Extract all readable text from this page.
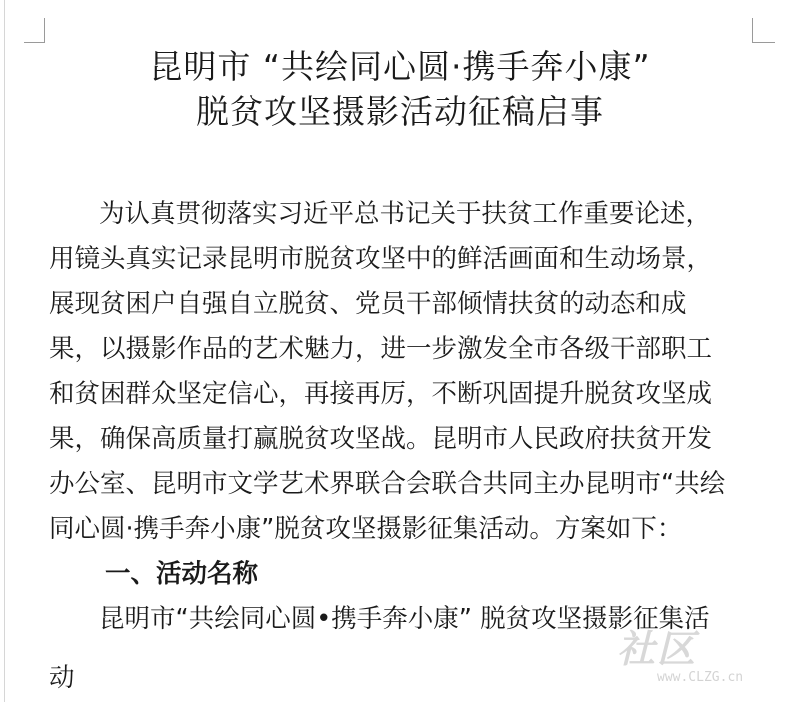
昆明市 “共绘同心圆·携手奔小康”
脱贫攻坚摄影活动征稿启事
为认真贯彻落实习近平总书记关于扶贫工作重要论述，
用镜头真实记录昆明市脱贫攻坚中的鲜活画面和生动场景，
展现贫困户自强自立脱贫、党员干部倾情扶贫的动态和成
果，以摄影作品的艺术魅力，进一步激发全市各级干部职工
和贫困群众坚定信心，再接再厉，不断巩固提升脱贫攻坚成
果，确保高质量打赢脱贫攻坚战。昆明市人民政府扶贫开发
办公室、昆明市文学艺术界联合会联合共同主办昆明市“共绘
同心圆·携手奔小康”脱贫攻坚摄影征集活动。方案如下：
一、活动名称
昆明市“共绘同心圆•携手奔小康” 脱贫攻坚摄影征集活
动
社区
www.CLZG.cn
